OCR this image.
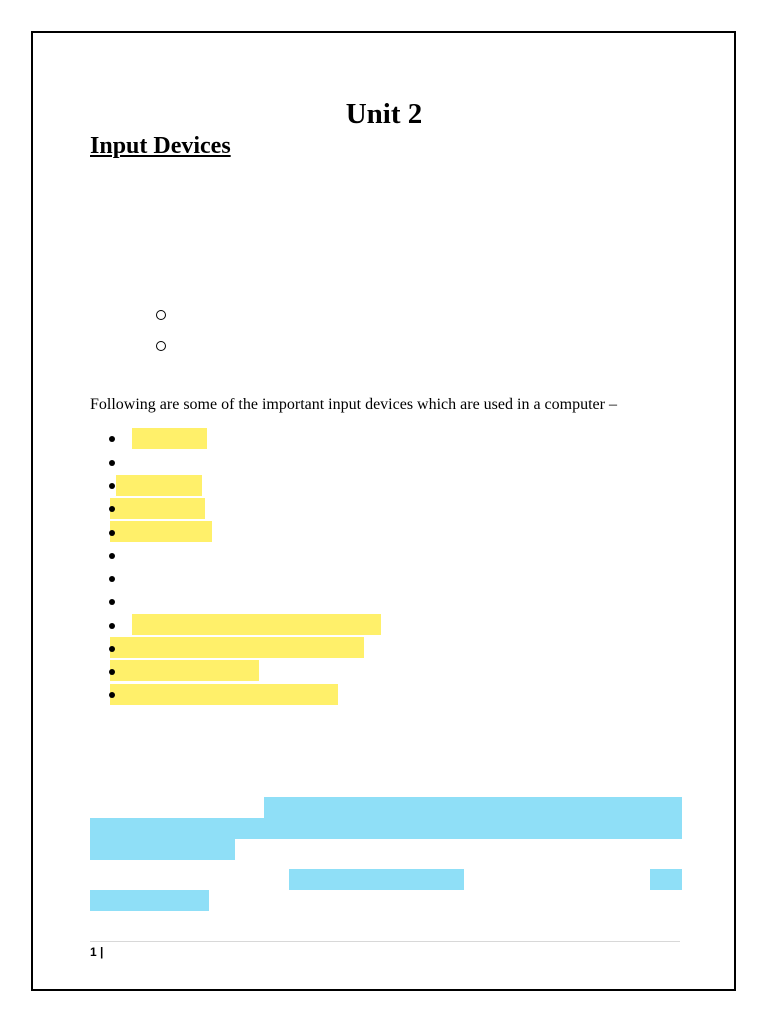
Unit 2
Input Devices
Following are some of the important input devices which are used in a computer –
1 |
